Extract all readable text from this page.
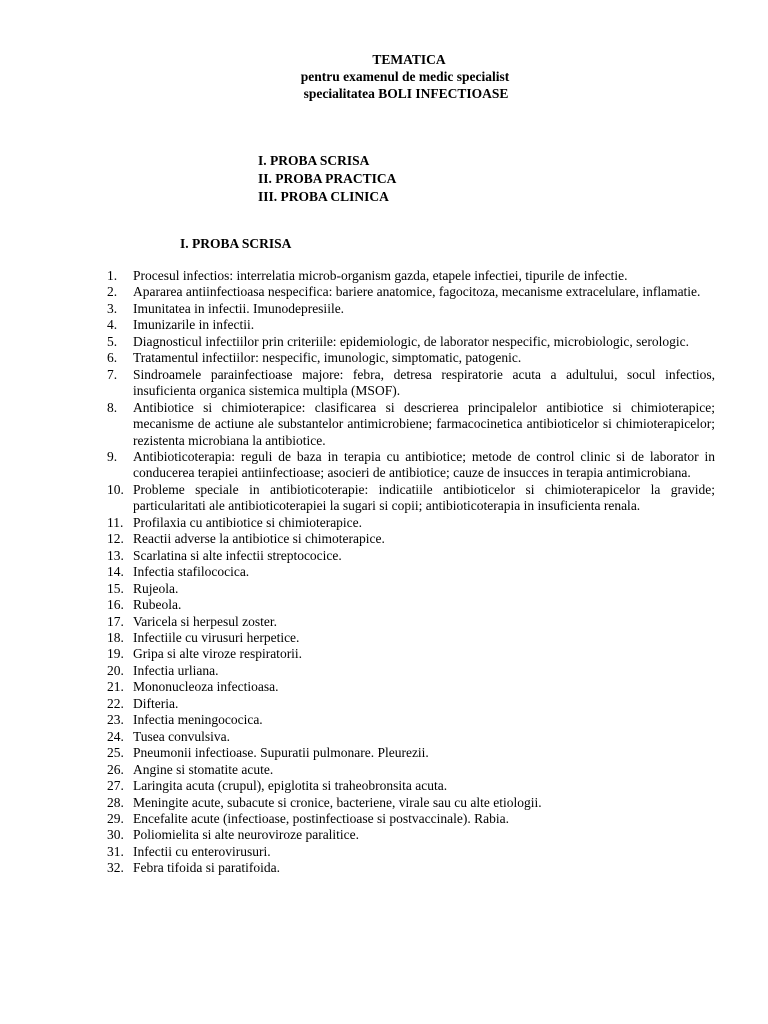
TEMATICA
pentru examenul de medic specialist
specialitatea BOLI INFECTIOASE
I. PROBA SCRISA
II. PROBA PRACTICA
III. PROBA CLINICA
I. PROBA SCRISA
1.	Procesul infectios: interrelatia microb-organism gazda, etapele infectiei, tipurile de infectie.
2.	Apararea antiinfectioasa nespecifica: bariere anatomice, fagocitoza, mecanisme extracelulare, inflamatie.
3.	Imunitatea in infectii. Imunodepresiile.
4.	Imunizarile in infectii.
5.	Diagnosticul infectiilor prin criteriile: epidemiologic, de laborator nespecific, microbiologic, serologic.
6.	Tratamentul infectiilor: nespecific, imunologic, simptomatic, patogenic.
7.	Sindroamele parainfectioase majore: febra, detresa respiratorie acuta a adultului, socul infectios, insuficienta organica sistemica multipla (MSOF).
8.	Antibiotice si chimioterapice: clasificarea si descrierea principalelor antibiotice si chimioterapice; mecanisme de actiune ale substantelor antimicrobiene; farmacocinetica antibioticelor si chimioterapicelor; rezistenta microbiana la antibiotice.
9.	Antibioticoterapia: reguli de baza in terapia cu antibiotice; metode de control clinic si de laborator in conducerea terapiei antiinfectioase; asocieri de antibiotice; cauze de insucces in terapia antimicrobiana.
10. Probleme speciale in antibioticoterapie: indicatiile antibioticelor si chimioterapicelor la gravide; particularitati ale antibioticoterapiei la sugari si copii; antibioticoterapia in insuficienta renala.
11. Profilaxia cu antibiotice si chimioterapice.
12. Reactii adverse la antibiotice si chimoterapice.
13. Scarlatina si alte infectii streptococice.
14. Infectia stafilococica.
15. Rujeola.
16. Rubeola.
17. Varicela si herpesul zoster.
18. Infectiile cu virusuri herpetice.
19. Gripa si alte viroze respiratorii.
20. Infectia urliana.
21. Mononucleoza infectioasa.
22. Difteria.
23. Infectia meningococica.
24. Tusea convulsiva.
25. Pneumonii infectioase. Supuratii pulmonare. Pleurezii.
26. Angine si stomatite acute.
27. Laringita acuta (crupul), epiglotita si traheobronsita acuta.
28. Meningite acute, subacute si cronice, bacteriene, virale sau cu alte etiologii.
29. Encefalite acute (infectioase, postinfectioase si postvaccinale). Rabia.
30. Poliomielita si alte neuroviroze paralitice.
31. Infectii cu enterovirusuri.
32. Febra tifoida si paratifoida.
